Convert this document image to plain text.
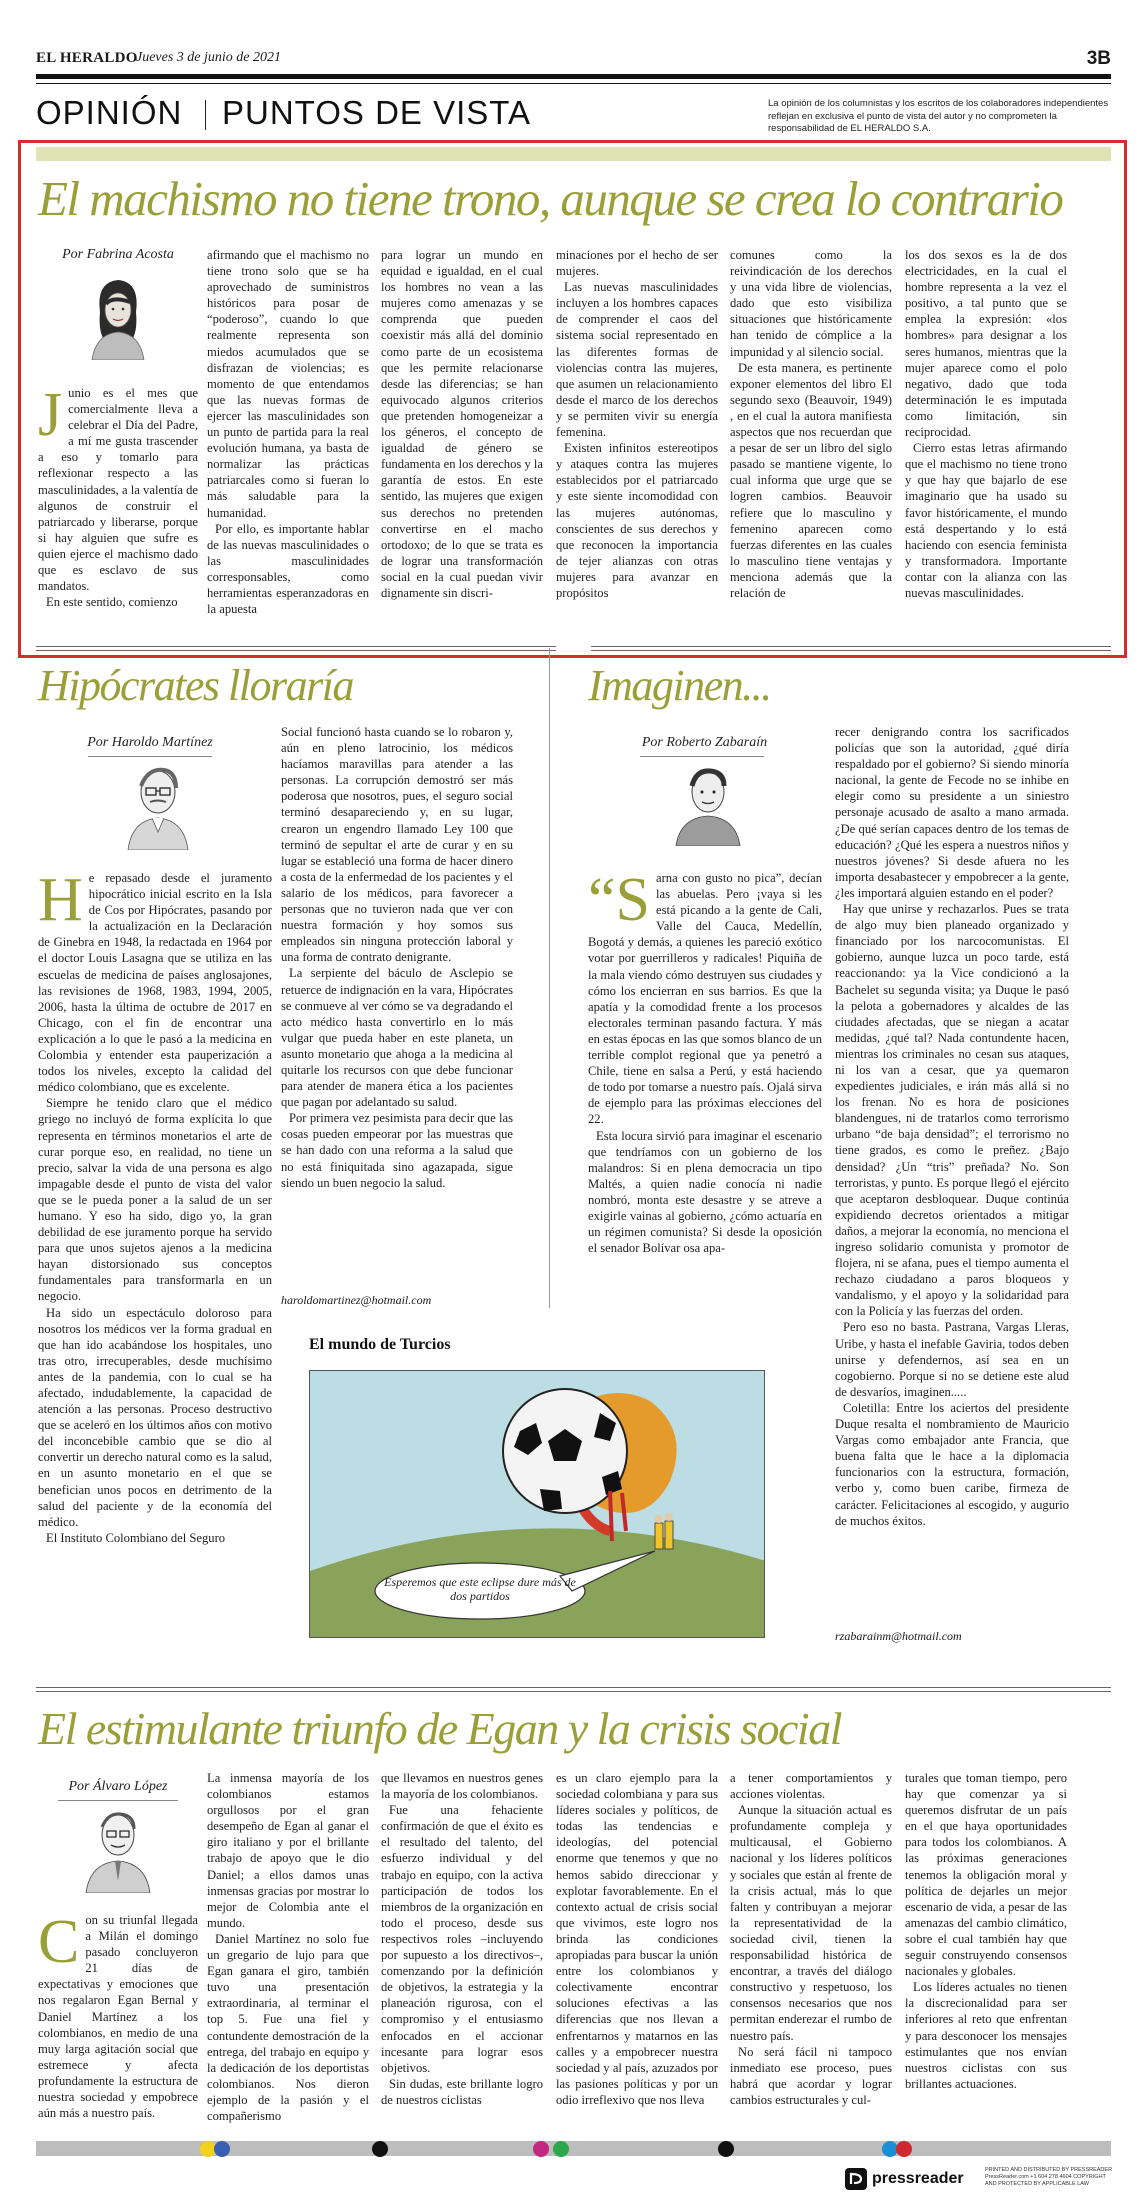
EL HERALDO
Jueves 3 de junio de 2021	3B
OPINIÓN PUNTOS DE VISTA	La opinión de los columnistas y los escritos de los colaboradores independientes reflejan en exclusiva el punto de vista del autor y no comprometen la responsabilidad de EL HERALDO S.A.
El machismo no tiene trono, aunque se crea lo contrario
Por Fabrina Acosta
J unio es el mes que comercialmente lleva a celebrar el Día del Padre, a mí me gusta trascender a eso y tomarlo para reflexionar respecto a las masculinidades, a la valentía de algunos de construir el patriarcado y liberarse, porque si hay alguien que sufre es quien ejerce el machismo dado que es esclavo de sus mandatos.

En este sentido, comienzo

afirmando que el machismo no tiene trono solo que se ha aprovechado de suministros históricos para posar de “poderoso”, cuando lo que realmente representa son miedos acumulados que se disfrazan de violencias; es momento de que entendamos que las nuevas formas de ejercer las masculinidades son un punto de partida para la real evolución humana, ya basta de normalizar las prácticas patriarcales como si fueran lo más saludable para la humanidad.

Por ello, es importante hablar de las nuevas masculinidades o las masculinidades corresponsables, como herramientas esperanzadoras en la apuesta

para lograr un mundo en equidad e igualdad, en el cual los hombres no vean a las mujeres como amenazas y se comprenda que pueden coexistir más allá del dominio como parte de un ecosistema que les permite relacionarse desde las diferencias; se han equivocado algunos criterios que pretenden homogeneizar a los géneros, el concepto de igualdad de género se fundamenta en los derechos y la garantía de estos. En este sentido, las mujeres que exigen sus derechos no pretenden convertirse en el macho ortodoxo; de lo que se trata es de lograr una transformación social en la cual puedan vivir dignamente sin discri-

minaciones por el hecho de ser mujeres.

Las nuevas masculinidades incluyen a los hombres capaces de comprender el caos del sistema social representado en las diferentes formas de violencias contra las mujeres, que asumen un relacionamiento desde el marco de los derechos y se permiten vivir su energía femenina.

Existen infinitos estereotipos y ataques contra las mujeres establecidos por el patriarcado y este siente incomodidad con las mujeres autónomas, conscientes de sus derechos y que reconocen la importancia de tejer alianzas con otras mujeres para avanzar en propósitos

comunes como la reivindicación de los derechos y una vida libre de violencias, dado que esto visibiliza situaciones que históricamente han tenido de cómplice a la impunidad y al silencio social.

De esta manera, es pertinente exponer elementos del libro El segundo sexo (Beauvoir, 1949) , en el cual la autora manifiesta aspectos que nos recuerdan que a pesar de ser un libro del siglo pasado se mantiene vigente, lo cual informa que urge que se logren cambios. Beauvoir refiere que lo masculino y femenino aparecen como fuerzas diferentes en las cuales lo masculino tiene ventajas y menciona además que la relación de

los dos sexos es la de dos electricidades, en la cual el hombre representa a la vez el positivo, a tal punto que se emplea la expresión: «los hombres» para designar a los seres humanos, mientras que la mujer aparece como el polo negativo, dado que toda determinación le es imputada como limitación, sin reciprocidad.

Cierro estas letras afirmando que el machismo no tiene trono y que hay que bajarlo de ese imaginario que ha usado su favor históricamente, el mundo está despertando y lo está haciendo con esencia feminista y transformadora. Importante contar con la alianza con las nuevas masculinidades.

Hipócrates lloraría
Por Haroldo Martínez
H e repasado desde el juramento hipocrático inicial escrito en la Isla de Cos por Hipócrates, pasando por la actualización en la Declaración de Ginebra en 1948, la redactada en 1964 por el doctor Louis Lasagna que se utiliza en las escuelas de medicina de países anglosajones, las revisiones de 1968, 1983, 1994, 2005, 2006, hasta la última de octubre de 2017 en Chicago, con el fin de encontrar una explicación a lo que le pasó a la medicina en Colombia y entender esta pauperización a todos los niveles, excepto la calidad del médico colombiano, que es excelente.

Siempre he tenido claro que el médico griego no incluyó de forma explícita lo que representa en términos monetarios el arte de curar porque eso, en realidad, no tiene un precio, salvar la vida de una persona es algo impagable desde el punto de vista del valor que se le pueda poner a la salud de un ser humano. Y eso ha sido, digo yo, la gran debilidad de ese juramento porque ha servido para que unos sujetos ajenos a la medicina hayan distorsionado sus conceptos fundamentales para transformarla en un negocio.

Ha sido un espectáculo doloroso para nosotros los médicos ver la forma gradual en que han ido acabándose los hospitales, uno tras otro, irrecuperables, desde muchísimo antes de la pandemia, con lo cual se ha afectado, indudablemente, la capacidad de atención a las personas. Proceso destructivo que se aceleró en los últimos años con motivo del inconcebible cambio que se dio al convertir un derecho natural como es la salud, en un asunto monetario en el que se benefician unos pocos en detrimento de la salud del paciente y de la economía del médico.

El Instituto Colombiano del Seguro

Social funcionó hasta cuando se lo robaron y, aún en pleno latrocinio, los médicos hacíamos maravillas para atender a las personas. La corrupción demostró ser más poderosa que nosotros, pues, el seguro social terminó desapareciendo y, en su lugar, crearon un engendro llamado Ley 100 que terminó de sepultar el arte de curar y en su lugar se estableció una forma de hacer dinero a costa de la enfermedad de los pacientes y el salario de los médicos, para favorecer a personas que no tuvieron nada que ver con nuestra formación y hoy somos sus empleados sin ninguna protección laboral y una forma de contrato denigrante.

La serpiente del báculo de Asclepio se retuerce de indignación en la vara, Hipócrates se conmueve al ver cómo se va degradando el acto médico hasta convertirlo en lo más vulgar que pueda haber en este planeta, un asunto monetario que ahoga a la medicina al quitarle los recursos con que debe funcionar para atender de manera ética a los pacientes que pagan por adelantado su salud.

Por primera vez pesimista para decir que las cosas pueden empeorar por las muestras que se han dado con una reforma a la salud que no está finiquitada sino agazapada, sigue siendo un buen negocio la salud.

haroldomartinez@hotmail.com
El mundo de Turcios
Esperemos que este eclipse dure más de dos partidos
Imaginen...
Por Roberto Zabaraín
“S arna con gusto no pica”, decían las abuelas. Pero ¡vaya si les está picando a la gente de Cali, Valle del Cauca, Medellín, Bogotá y demás, a quienes les pareció exótico votar por guerrilleros y radicales! Piquiña de la mala viendo cómo destruyen sus ciudades y cómo los encierran en sus barrios. Es que la apatía y la comodidad frente a los procesos electorales terminan pasando factura. Y más en estas épocas en las que somos blanco de un terrible complot regional que ya penetró a Chile, tiene en salsa a Perú, y está haciendo de todo por tomarse a nuestro país. Ojalá sirva de ejemplo para las próximas elecciones del 22.

Esta locura sirvió para imaginar el escenario que tendríamos con un gobierno de los malandros: Si en plena democracia un tipo Maltés, a quien nadie conocía ni nadie nombró, monta este desastre y se atreve a exigirle vainas al gobierno, ¿cómo actuaría en un régimen comunista? Si desde la oposición el senador Bolívar osa apa-

recer denigrando contra los sacrificados policías que son la autoridad, ¿qué diría respaldado por el gobierno? Si siendo minoría nacional, la gente de Fecode no se inhibe en elegir como su presidente a un siniestro personaje acusado de asalto a mano armada. ¿De qué serían capaces dentro de los temas de educación? ¿Qué les espera a nuestros niños y nuestros jóvenes? Si desde afuera no les importa desabastecer y empobrecer a la gente, ¿les importará alguien estando en el poder?

Hay que unirse y rechazarlos. Pues se trata de algo muy bien planeado organizado y financiado por los narcocomunistas. El gobierno, aunque luzca un poco tarde, está reaccionando: ya la Vice condicionó a la Bachelet su segunda visita; ya Duque le pasó la pelota a gobernadores y alcaldes de las ciudades afectadas, que se niegan a acatar medidas, ¿qué tal? Nada contundente hacen, mientras los criminales no cesan sus ataques, ni los van a cesar, que ya quemaron expedientes judiciales, e irán más allá si no los frenan. No es hora de posiciones blandengues, ni de tratarlos como terrorismo urbano “de baja densidad”; el terrorismo no tiene grados, es como le preñez. ¿Bajo densidad? ¿Un “tris” preñada? No. Son terroristas, y punto. Es porque llegó el ejército que aceptaron desbloquear. Duque continúa expidiendo decretos orientados a mitigar daños, a mejorar la economía, no menciona el ingreso solidario comunista y promotor de flojera, ni se afana, pues el tiempo aumenta el rechazo ciudadano a paros bloqueos y vandalismo, y el apoyo y la solidaridad para con la Policía y las fuerzas del orden.

Pero eso no basta. Pastrana, Vargas Lleras, Uribe, y hasta el inefable Gaviria, todos deben unirse y defendernos, así sea en un cogobierno. Porque si no se detiene este alud de desvaríos, imaginen.....

Coletilla: Entre los aciertos del presidente Duque resalta el nombramiento de Mauricio Vargas como embajador ante Francia, que buena falta que le hace a la diplomacia funcionarios con la estructura, formación, verbo y, como buen caribe, firmeza de carácter. Felicitaciones al escogido, y augurio de muchos éxitos.

rzabarainm@hotmail.com
El estimulante triunfo de Egan y la crisis social
Por Álvaro López
C on su triunfal llegada a Milán el domingo pasado concluyeron 21 días de expectativas y emociones que nos regalaron Egan Bernal y Daniel Martínez a los colombianos, en medio de una muy larga agitación social que estremece y afecta profundamente la estructura de nuestra sociedad y empobrece aún más a nuestro país.

La inmensa mayoría de los colombianos estamos orgullosos por el gran desempeño de Egan al ganar el giro italiano y por el brillante trabajo de apoyo que le dio Daniel; a ellos damos unas inmensas gracias por mostrar lo mejor de Colombia ante el mundo.

Daniel Martínez no solo fue un gregario de lujo para que Egan ganara el giro, también tuvo una presentación extraordinaria, al terminar el top 5. Fue una fiel y contundente demostración de la entrega, del trabajo en equipo y la dedicación de los deportistas colombianos. Nos dieron ejemplo de la pasión y el compañerismo

que llevamos en nuestros genes la mayoría de los colombianos.

Fue una fehaciente confirmación de que el éxito es el resultado del talento, del esfuerzo individual y del trabajo en equipo, con la activa participación de todos los miembros de la organización en todo el proceso, desde sus respectivos roles –incluyendo por supuesto a los directivos–, comenzando por la definición de objetivos, la estrategia y la planeación rigurosa, con el compromiso y el entusiasmo enfocados en el accionar incesante para lograr esos objetivos.

Sin dudas, este brillante logro de nuestros ciclistas

es un claro ejemplo para la sociedad colombiana y para sus líderes sociales y políticos, de todas las tendencias e ideologías, del potencial enorme que tenemos y que no hemos sabido direccionar y explotar favorablemente. En el contexto actual de crisis social que vivimos, este logro nos brinda las condiciones apropiadas para buscar la unión entre los colombianos y colectivamente encontrar soluciones efectivas a las diferencias que nos llevan a enfrentarnos y matarnos en las calles y a empobrecer nuestra sociedad y al país, azuzados por las pasiones políticas y por un odio irreflexivo que nos lleva

a tener comportamientos y acciones violentas.

Aunque la situación actual es profundamente compleja y multicausal, el Gobierno nacional y los líderes políticos y sociales que están al frente de la crisis actual, más lo que falten y contribuyan a mejorar la representatividad de la sociedad civil, tienen la responsabilidad histórica de encontrar, a través del diálogo constructivo y respetuoso, los consensos necesarios que nos permitan enderezar el rumbo de nuestro país.

No será fácil ni tampoco inmediato ese proceso, pues habrá que acordar y lograr cambios estructurales y cul-

turales que toman tiempo, pero hay que comenzar ya si queremos disfrutar de un país en el que haya oportunidades para todos los colombianos. A las próximas generaciones tenemos la obligación moral y política de dejarles un mejor escenario de vida, a pesar de las amenazas del cambio climático, sobre el cual también hay que seguir construyendo consensos nacionales y globales.

Los líderes actuales no tienen la discrecionalidad para ser inferiores al reto que enfrentan y para desconocer los mensajes estimulantes que nos envían nuestros ciclistas con sus brillantes actuaciones.

pressreader	PRINTED AND DISTRIBUTED BY PRESSREADER PressReader.com +1 604 278 4604 COPYRIGHT AND PROTECTED BY APPLICABLE LAW
